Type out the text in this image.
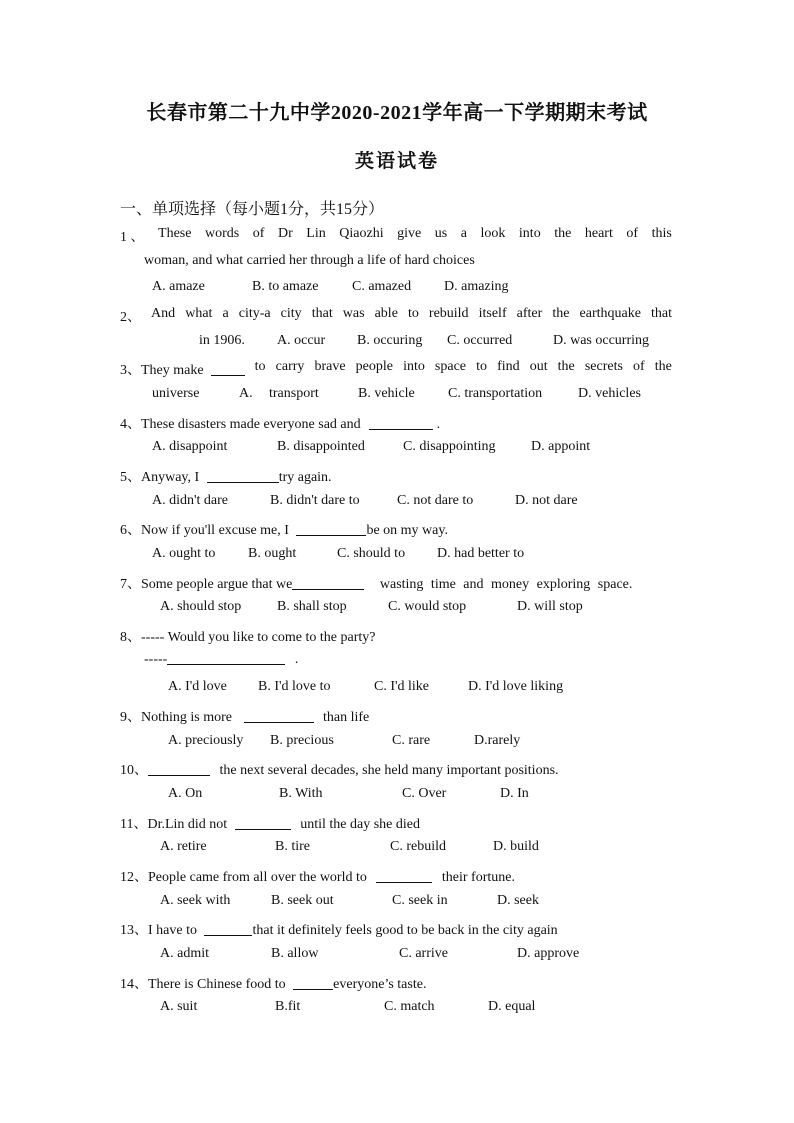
长春市第二十九中学2020-2021学年高一下学期期末考试
英语试卷
一、单项选择（每小题1分，共15分）
1 、 These words of Dr Lin Qiaozhi give us a look into the heart of this
woman, and what carried her through a life of hard choices
A. amaze	B. to amaze C. amazed D. amazing
2、 And what a city-a city that was able to rebuild itself after the earthquake that
in 1906. A. occur B. occuring C. occurred	D. was occurring
3、They make	to carry brave people into space to find out the secrets of the
universe	A. transport	B. vehicle C. transportation	D. vehicles
4、These disasters made everyone sad and	.
A. disappoint	B. disappointed	C. disappointing	D. appoint
5、Anyway, I	try again.
A. didn't dare	B. didn't dare to	C. not dare to	D. not dare
6、Now if you'll excuse me, I	be on my way.
A. ought to B. ought	C. should to D. had better to
7、Some people argue that we	wasting time and money exploring space.
A. should stop	B. shall stop	C. would stop	D. will stop
8、----- Would you like to come to the party?
-----	.
A. I'd love B. I'd love to	C. I'd like	D. I'd love liking
9、Nothing is more	than life
A. preciously B. precious	C. rare	D.rarely
10、	the next several decades, she held many important positions.
A. On	B. With	C. Over	D. In
11、Dr.Lin did not	until the day she died
A. retire	B. tire	C. rebuild	D. build
12、People came from all over the world to	their fortune.
A. seek with	B. seek out	C. seek in	D. seek
13、I have to	that it definitely feels good to be back in the city again
A. admit	B. allow	C. arrive	D. approve
14、There is Chinese food to	everyone’s taste.
A. suit	B.fit	C. match	D. equal
